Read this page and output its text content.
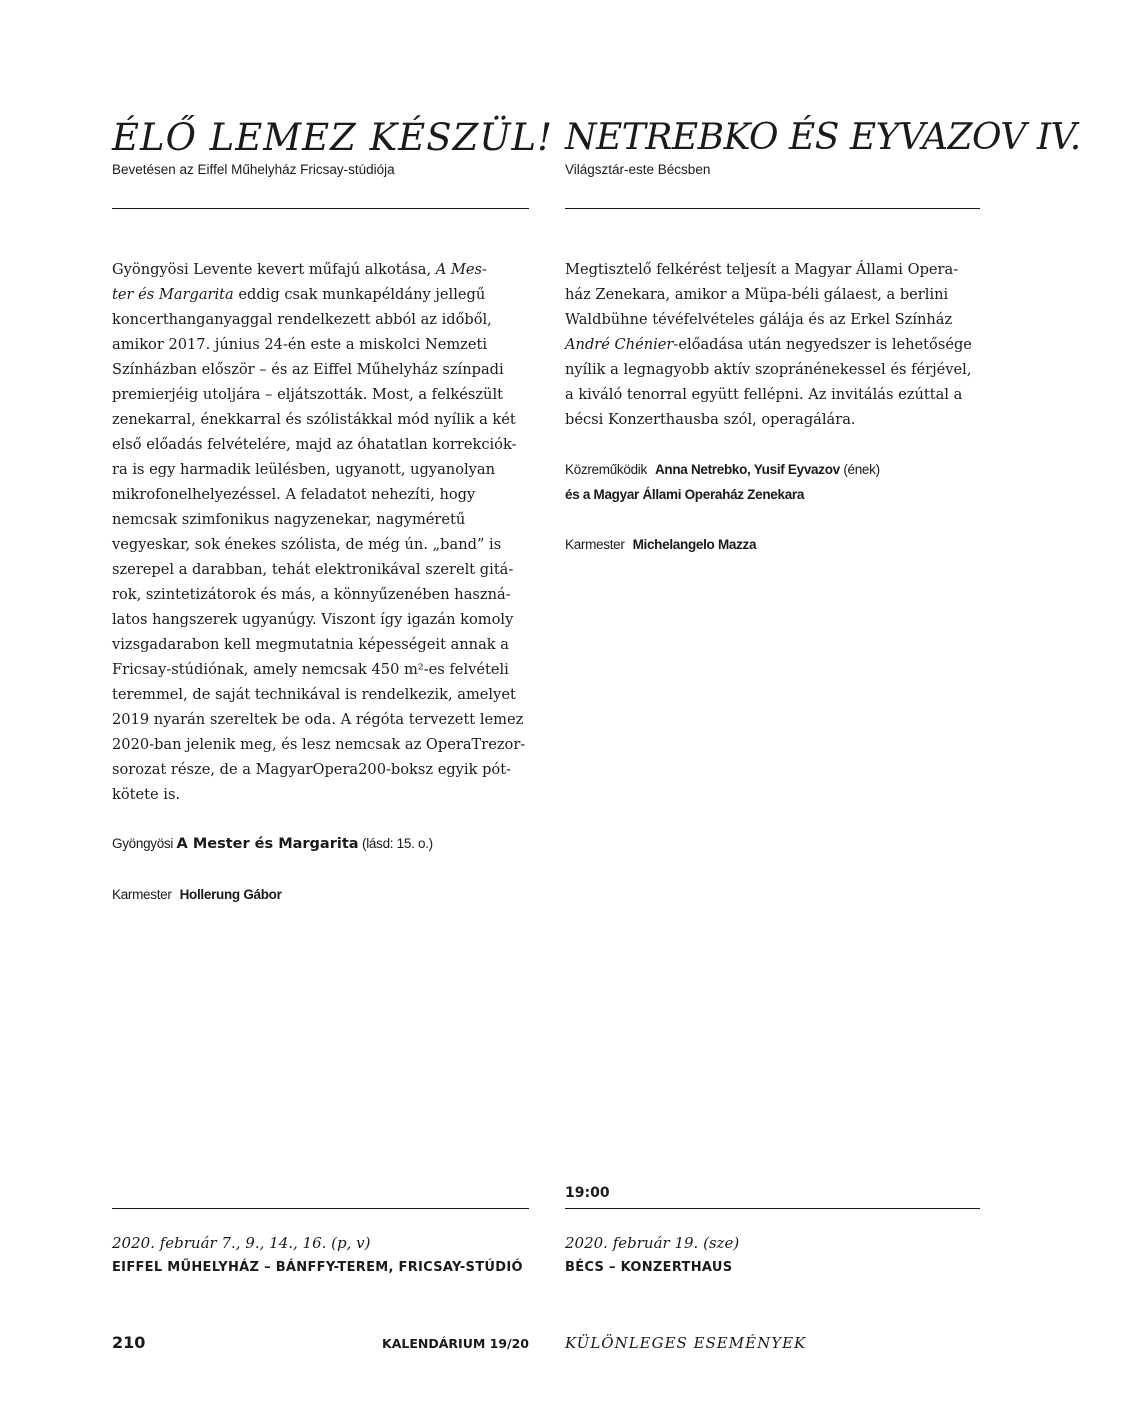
ÉLŐ LEMEZ KÉSZÜL!
Bevetésen az Eiffel Műhelyház Fricsay-stúdiója

Gyöngyösi Levente kevert műfajú alkotása, A Mes-

ter és Margarita eddig csak munkapéldány jellegű

koncerthanganyaggal rendelkezett abból az időből,

amikor 2017. június 24-én este a miskolci Nemzeti

Színházban először – és az Eiffel Műhelyház színpadi

premierjéig utoljára – eljátszották. Most, a felkészült

zenekarral, énekkarral és szólistákkal mód nyílik a két

első előadás felvételére, majd az óhatatlan korrekciók-

ra is egy harmadik leülésben, ugyanott, ugyanolyan

mikrofonelhelyezéssel. A feladatot nehezíti, hogy

nemcsak szimfonikus nagyzenekar, nagyméretű

vegyeskar, sok énekes szólista, de még ún. „band” is

szerepel a darabban, tehát elektronikával szerelt gitá-

rok, szintetizátorok és más, a könnyűzenében haszná-

latos hangszerek ugyanúgy. Viszont így igazán komoly

vizsgadarabon kell megmutatnia képességeit annak a

Fricsay-stúdiónak, amely nemcsak 450 m²-es felvételi

teremmel, de saját technikával is rendelkezik, amelyet

2019 nyarán szereltek be oda. A régóta tervezett lemez

2020-ban jelenik meg, és lesz nemcsak az OperaTrezor-

sorozat része, de a MagyarOpera200-boksz egyik pót-

kötete is.

Gyöngyösi A Mester és Margarita (lásd: 15. o.)
Karmester Hollerung Gábor
2020. február 7., 9., 14., 16. (p, v)
EIFFEL MŰHELYHÁZ – BÁNFFY-TEREM, FRICSAY-STÚDIÓ
NETREBKO ÉS EYVAZOV IV.
Világsztár-este Bécsben

Megtisztelő felkérést teljesít a Magyar Állami Opera-

ház Zenekara, amikor a Müpa-béli gálaest, a berlini

Waldbühne tévéfelvételes gálája és az Erkel Színház

André Chénier-előadása után negyedszer is lehetősége

nyílik a legnagyobb aktív szopránénekessel és férjével,

a kiváló tenorral együtt fellépni. Az invitálás ezúttal a

bécsi Konzerthausba szól, operagálára.

Közreműködik Anna Netrebko, Yusif Eyvazov (ének)
és a Magyar Állami Operaház Zenekara
Karmester Michelangelo Mazza
19:00
2020. február 19. (sze)
BÉCS – KONZERTHAUS
210	KALENDÁRIUM 19/20 KÜLÖNLEGES ESEMÉNYEK
